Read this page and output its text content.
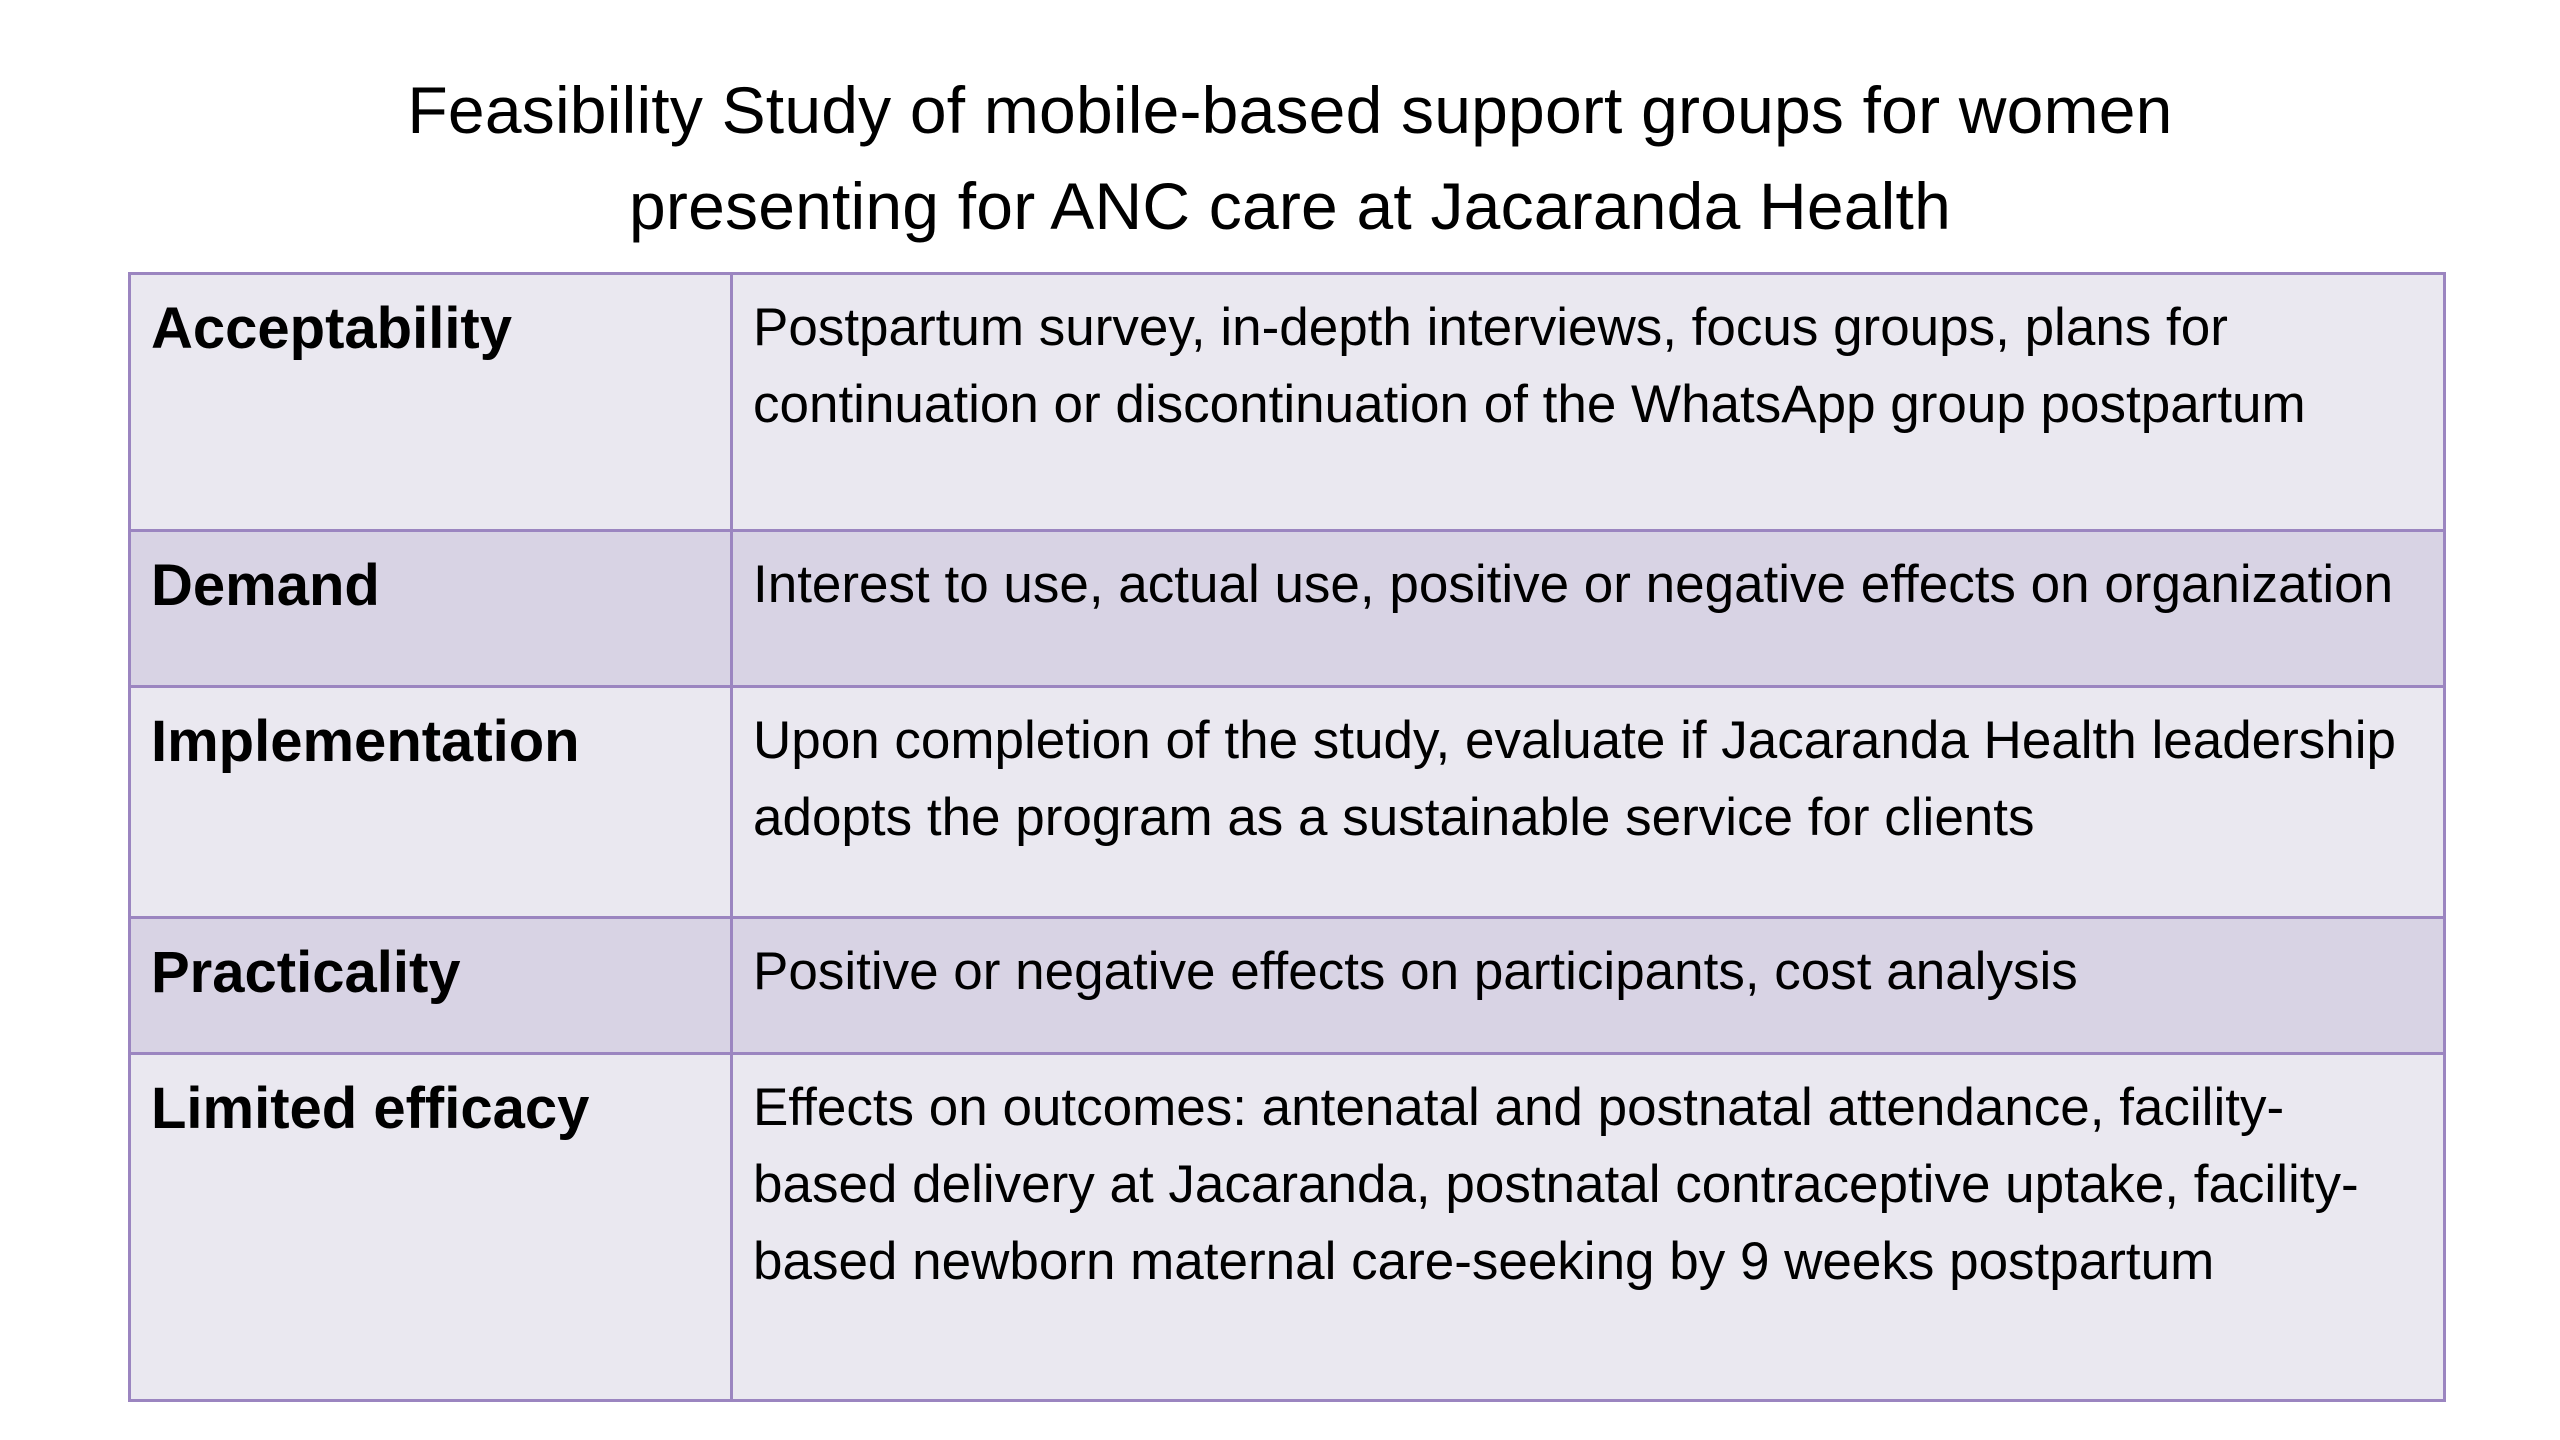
Feasibility Study of mobile-based support groups for women
presenting for ANC care at Jacaranda Health
Acceptability	Postpartum survey, in-depth interviews, focus groups, plans for continuation or discontinuation of the WhatsApp group postpartum
Demand	Interest to use, actual use, positive or negative effects on organization
Implementation	Upon completion of the study, evaluate if Jacaranda Health leadership adopts the program as a sustainable service for clients
Practicality	Positive or negative effects on participants, cost analysis
Limited efficacy	Effects on outcomes: antenatal and postnatal attendance, facility-based delivery at Jacaranda, postnatal contraceptive uptake, facility-based newborn maternal care-seeking by 9 weeks postpartum
